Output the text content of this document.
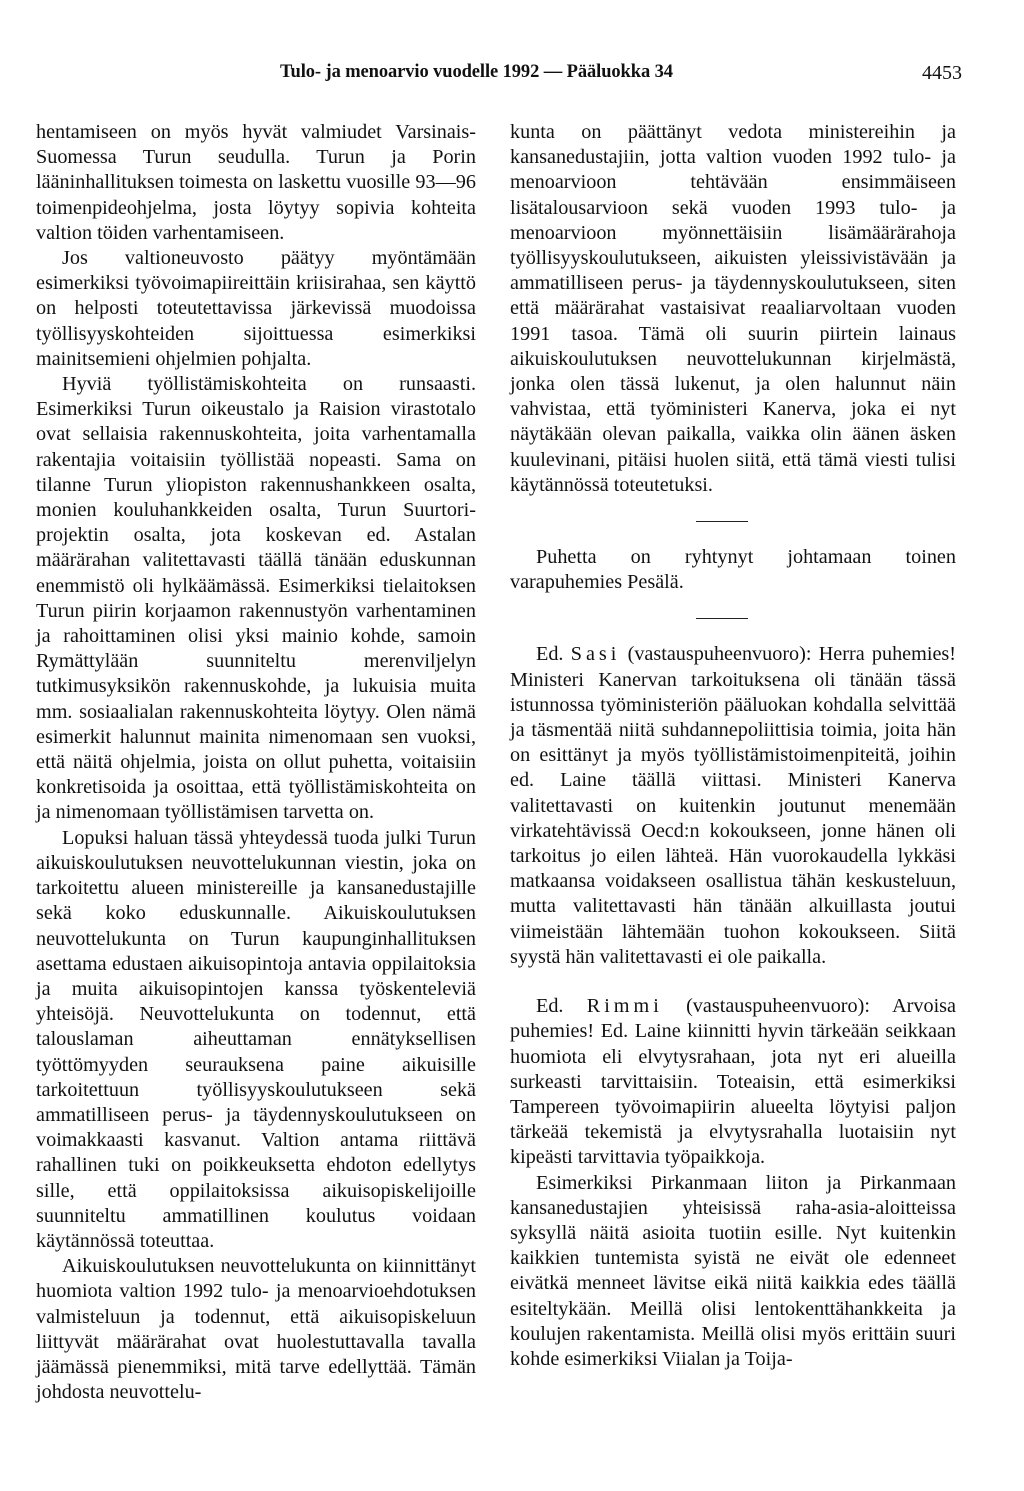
Tulo- ja menoarvio vuodelle 1992 — Pääluokka 34	4453

hentamiseen on myös hyvät valmiudet Varsinais-Suomessa Turun seudulla. Turun ja Porin lääninhallituksen toimesta on laskettu vuosille 93—96 toimenpideohjelma, josta löytyy sopivia kohteita valtion töiden varhentamiseen.

Jos valtioneuvosto päätyy myöntämään esimerkiksi työvoimapiireittäin kriisirahaa, sen käyttö on helposti toteutettavissa järkevissä muodoissa työllisyyskohteiden sijoittuessa esimerkiksi mainitsemieni ohjelmien pohjalta.

Hyviä työllistämiskohteita on runsaasti. Esimerkiksi Turun oikeustalo ja Raision virastotalo ovat sellaisia rakennuskohteita, joita varhentamalla rakentajia voitaisiin työllistää nopeasti. Sama on tilanne Turun yliopiston rakennushankkeen osalta, monien kouluhankkeiden osalta, Turun Suurtori-projektin osalta, jota koskevan ed. Astalan määrärahan valitettavasti täällä tänään eduskunnan enemmistö oli hylkäämässä. Esimerkiksi tielaitoksen Turun piirin korjaamon rakennustyön varhentaminen ja rahoittaminen olisi yksi mainio kohde, samoin Rymättylään suunniteltu merenviljelyn tutkimusyksikön rakennuskohde, ja lukuisia muita mm. sosiaalialan rakennuskohteita löytyy. Olen nämä esimerkit halunnut mainita nimenomaan sen vuoksi, että näitä ohjelmia, joista on ollut puhetta, voitaisiin konkretisoida ja osoittaa, että työllistämiskohteita on ja nimenomaan työllistämisen tarvetta on.

Lopuksi haluan tässä yhteydessä tuoda julki Turun aikuiskoulutuksen neuvottelukunnan viestin, joka on tarkoitettu alueen ministereille ja kansanedustajille sekä koko eduskunnalle. Aikuiskoulutuksen neuvottelukunta on Turun kaupunginhallituksen asettama edustaen aikuisopintoja antavia oppilaitoksia ja muita aikuisopintojen kanssa työskenteleviä yhteisöjä. Neuvottelukunta on todennut, että talouslaman aiheuttaman ennätyksellisen työttömyyden seurauksena paine aikuisille tarkoitettuun työllisyyskoulutukseen sekä ammatilliseen perus- ja täydennyskoulutukseen on voimakkaasti kasvanut. Valtion antama riittävä rahallinen tuki on poikkeuksetta ehdoton edellytys sille, että oppilaitoksissa aikuisopiskelijoille suunniteltu ammatillinen koulutus voidaan käytännössä toteuttaa.

Aikuiskoulutuksen neuvottelukunta on kiinnittänyt huomiota valtion 1992 tulo- ja menoarvioehdotuksen valmisteluun ja todennut, että aikuisopiskeluun liittyvät määrärahat ovat huolestuttavalla tavalla jäämässä pienemmiksi, mitä tarve edellyttää. Tämän johdosta neuvottelu-

kunta on päättänyt vedota ministereihin ja kansanedustajiin, jotta valtion vuoden 1992 tulo- ja menoarvioon tehtävään ensimmäiseen lisätalousarvioon sekä vuoden 1993 tulo- ja menoarvioon myönnettäisiin lisämäärärahoja työllisyyskoulutukseen, aikuisten yleissivistävään ja ammatilliseen perus- ja täydennyskoulutukseen, siten että määrärahat vastaisivat reaaliarvoltaan vuoden 1991 tasoa. Tämä oli suurin piirtein lainaus aikuiskoulutuksen neuvottelukunnan kirjelmästä, jonka olen tässä lukenut, ja olen halunnut näin vahvistaa, että työministeri Kanerva, joka ei nyt näytäkään olevan paikalla, vaikka olin äänen äsken kuulevinani, pitäisi huolen siitä, että tämä viesti tulisi käytännössä toteutetuksi.

Puhetta on ryhtynyt johtamaan toinen varapuhemies Pesälä.

Ed. Sasi (vastauspuheenvuoro): Herra puhemies! Ministeri Kanervan tarkoituksena oli tänään tässä istunnossa työministeriön pääluokan kohdalla selvittää ja täsmentää niitä suhdannepoliittisia toimia, joita hän on esittänyt ja myös työllistämistoimenpiteitä, joihin ed. Laine täällä viittasi. Ministeri Kanerva valitettavasti on kuitenkin joutunut menemään virkatehtävissä Oecd:n kokoukseen, jonne hänen oli tarkoitus jo eilen lähteä. Hän vuorokaudella lykkäsi matkaansa voidakseen osallistua tähän keskusteluun, mutta valitettavasti hän tänään alkuillasta joutui viimeistään lähtemään tuohon kokoukseen. Siitä syystä hän valitettavasti ei ole paikalla.

Ed. Rimmi (vastauspuheenvuoro): Arvoisa puhemies! Ed. Laine kiinnitti hyvin tärkeään seikkaan huomiota eli elvytysrahaan, jota nyt eri alueilla surkeasti tarvittaisiin. Toteaisin, että esimerkiksi Tampereen työvoimapiirin alueelta löytyisi paljon tärkeää tekemistä ja elvytysrahalla luotaisiin nyt kipeästi tarvittavia työpaikkoja.

Esimerkiksi Pirkanmaan liiton ja Pirkanmaan kansanedustajien yhteisissä raha-asia-aloitteissa syksyllä näitä asioita tuotiin esille. Nyt kuitenkin kaikkien tuntemista syistä ne eivät ole edenneet eivätkä menneet lävitse eikä niitä kaikkia edes täällä esiteltykään. Meillä olisi lentokenttähankkeita ja koulujen rakentamista. Meillä olisi myös erittäin suuri kohde esimerkiksi Viialan ja Toija-
